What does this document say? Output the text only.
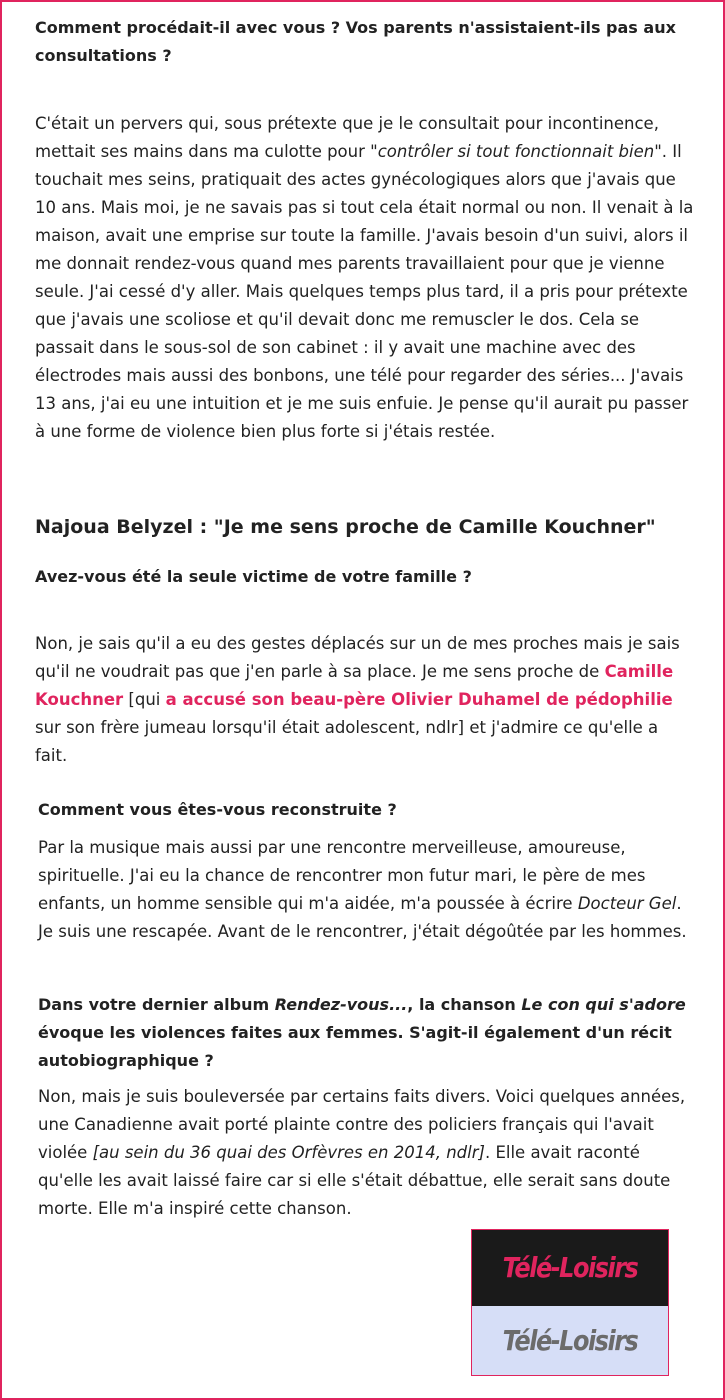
Comment procédait-il avec vous ? Vos parents n'assistaient-ils pas aux consultations ?

C'était un pervers qui, sous prétexte que je le consultait pour incontinence, mettait ses mains dans ma culotte pour "contrôler si tout fonctionnait bien". Il touchait mes seins, pratiquait des actes gynécologiques alors que j'avais que 10 ans. Mais moi, je ne savais pas si tout cela était normal ou non. Il venait à la maison, avait une emprise sur toute la famille. J'avais besoin d'un suivi, alors il me donnait rendez-vous quand mes parents travaillaient pour que je vienne seule. J'ai cessé d'y aller. Mais quelques temps plus tard, il a pris pour prétexte que j'avais une scoliose et qu'il devait donc me remuscler le dos. Cela se passait dans le sous-sol de son cabinet : il y avait une machine avec des électrodes mais aussi des bonbons, une télé pour regarder des séries... J'avais 13 ans, j'ai eu une intuition et je me suis enfuie. Je pense qu'il aurait pu passer à une forme de violence bien plus forte si j'étais restée.

Najoua Belyzel : "Je me sens proche de Camille Kouchner"

Avez-vous été la seule victime de votre famille ?

Non, je sais qu'il a eu des gestes déplacés sur un de mes proches mais je sais qu'il ne voudrait pas que j'en parle à sa place. Je me sens proche de Camille Kouchner [qui a accusé son beau-père Olivier Duhamel de pédophilie sur son frère jumeau lorsqu'il était adolescent, ndlr] et j'admire ce qu'elle a fait.

Comment vous êtes-vous reconstruite ?

Par la musique mais aussi par une rencontre merveilleuse, amoureuse, spirituelle. J'ai eu la chance de rencontrer mon futur mari, le père de mes enfants, un homme sensible qui m'a aidée, m'a poussée à écrire Docteur Gel. Je suis une rescapée. Avant de le rencontrer, j'était dégoûtée par les hommes.

Dans votre dernier album Rendez-vous..., la chanson Le con qui s'adore évoque les violences faites aux femmes. S'agit-il également d'un récit autobiographique ?

Non, mais je suis bouleversée par certains faits divers. Voici quelques années, une Canadienne avait porté plainte contre des policiers français qui l'avait violée [au sein du 36 quai des Orfèvres en 2014, ndlr]. Elle avait raconté qu'elle les avait laissé faire car si elle s'était débattue, elle serait sans doute morte. Elle m'a inspiré cette chanson.

Télé-Loisirs
Télé-Loisirs
